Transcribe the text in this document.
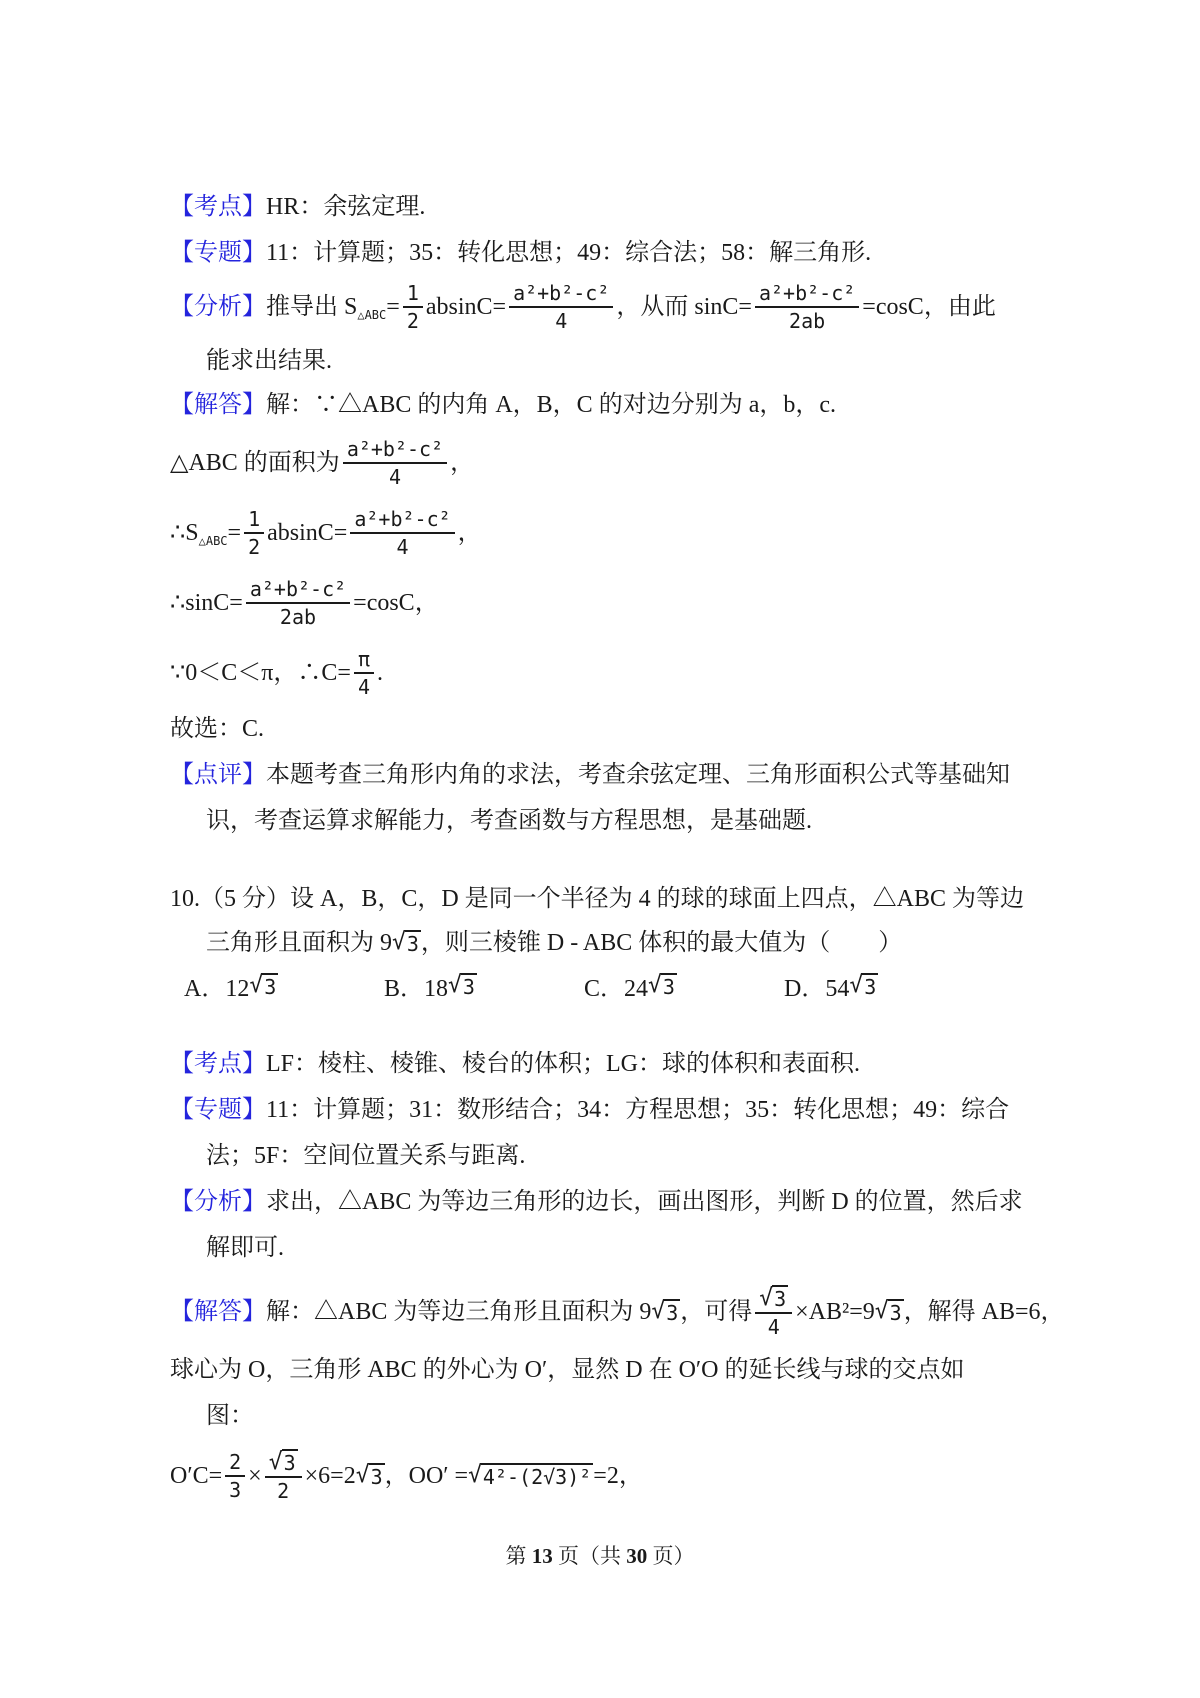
【考点】 HR：余弦定理.
【专题】 11：计算题；35：转化思想；49：综合法；58：解三角形.
【分析】 推导出 S △ABC = $\frac{1}{2} absinC= \frac{\text{a²+b²-c²}}{4}$ ，从而 $\sin C= \frac{\text{a²+b²-c²}}{2ab} =\cos C$，由此
能求出结果.
【解答】 解：∵△ABC 的内角 A，B，C 的对边分别为 a，b，c.
△ABC 的面积为 $\frac{\text{a²+b²-c²}}{4}$ ，
∴S △ABC = $\frac{1}{2} absinC= \frac{\text{a²+b²-c²}}{4}$ ，
∴sinC= $\frac{\text{a²+b²-c²}}{2ab} =\cos C$，
∵0＜C＜π，∴C= $\frac{\pi}{4}$ .
故选：C.
【点评】 本题考查三角形内角的求法，考查余弦定理、三角形面积公式等基础知
识，考查运算求解能力，考查函数与方程思想，是基础题.
10.（5 分）设 A，B，C，D 是同一个半径为 4 的球的球面上四点，△ABC 为等边
三角形且面积为 9 √ 3 ，则三棱锥 D - ABC 体积的最大值为（　　）
A．12 √ 3	B．18 √ 3	C．24 √ 3	D．54 √ 3
【考点】 LF：棱柱、棱锥、棱台的体积；LG：球的体积和表面积.
【专题】 11：计算题；31：数形结合；34：方程思想；35：转化思想；49：综合
法；5F：空间位置关系与距离.
【分析】 求出，△ABC 为等边三角形的边长，画出图形，判断 D 的位置，然后求
解即可.
【解答】 解：△ABC 为等边三角形且面积为 9 √ 3 ，可得 $\frac{√ 3}{4} \times AB^2=9$ √ 3 ，解得 AB=6，
球心为 O，三角形 ABC 的外心为 O′，显然 D 在 O′O 的延长线与球的交点如
图：
$O'C= \frac{2}{3} \times \frac{√ 3}{2} \times 6=2$ √ 3 ，OO′ = √ 4²-(2√3)² =2，
第 13 页（共 30 页）
